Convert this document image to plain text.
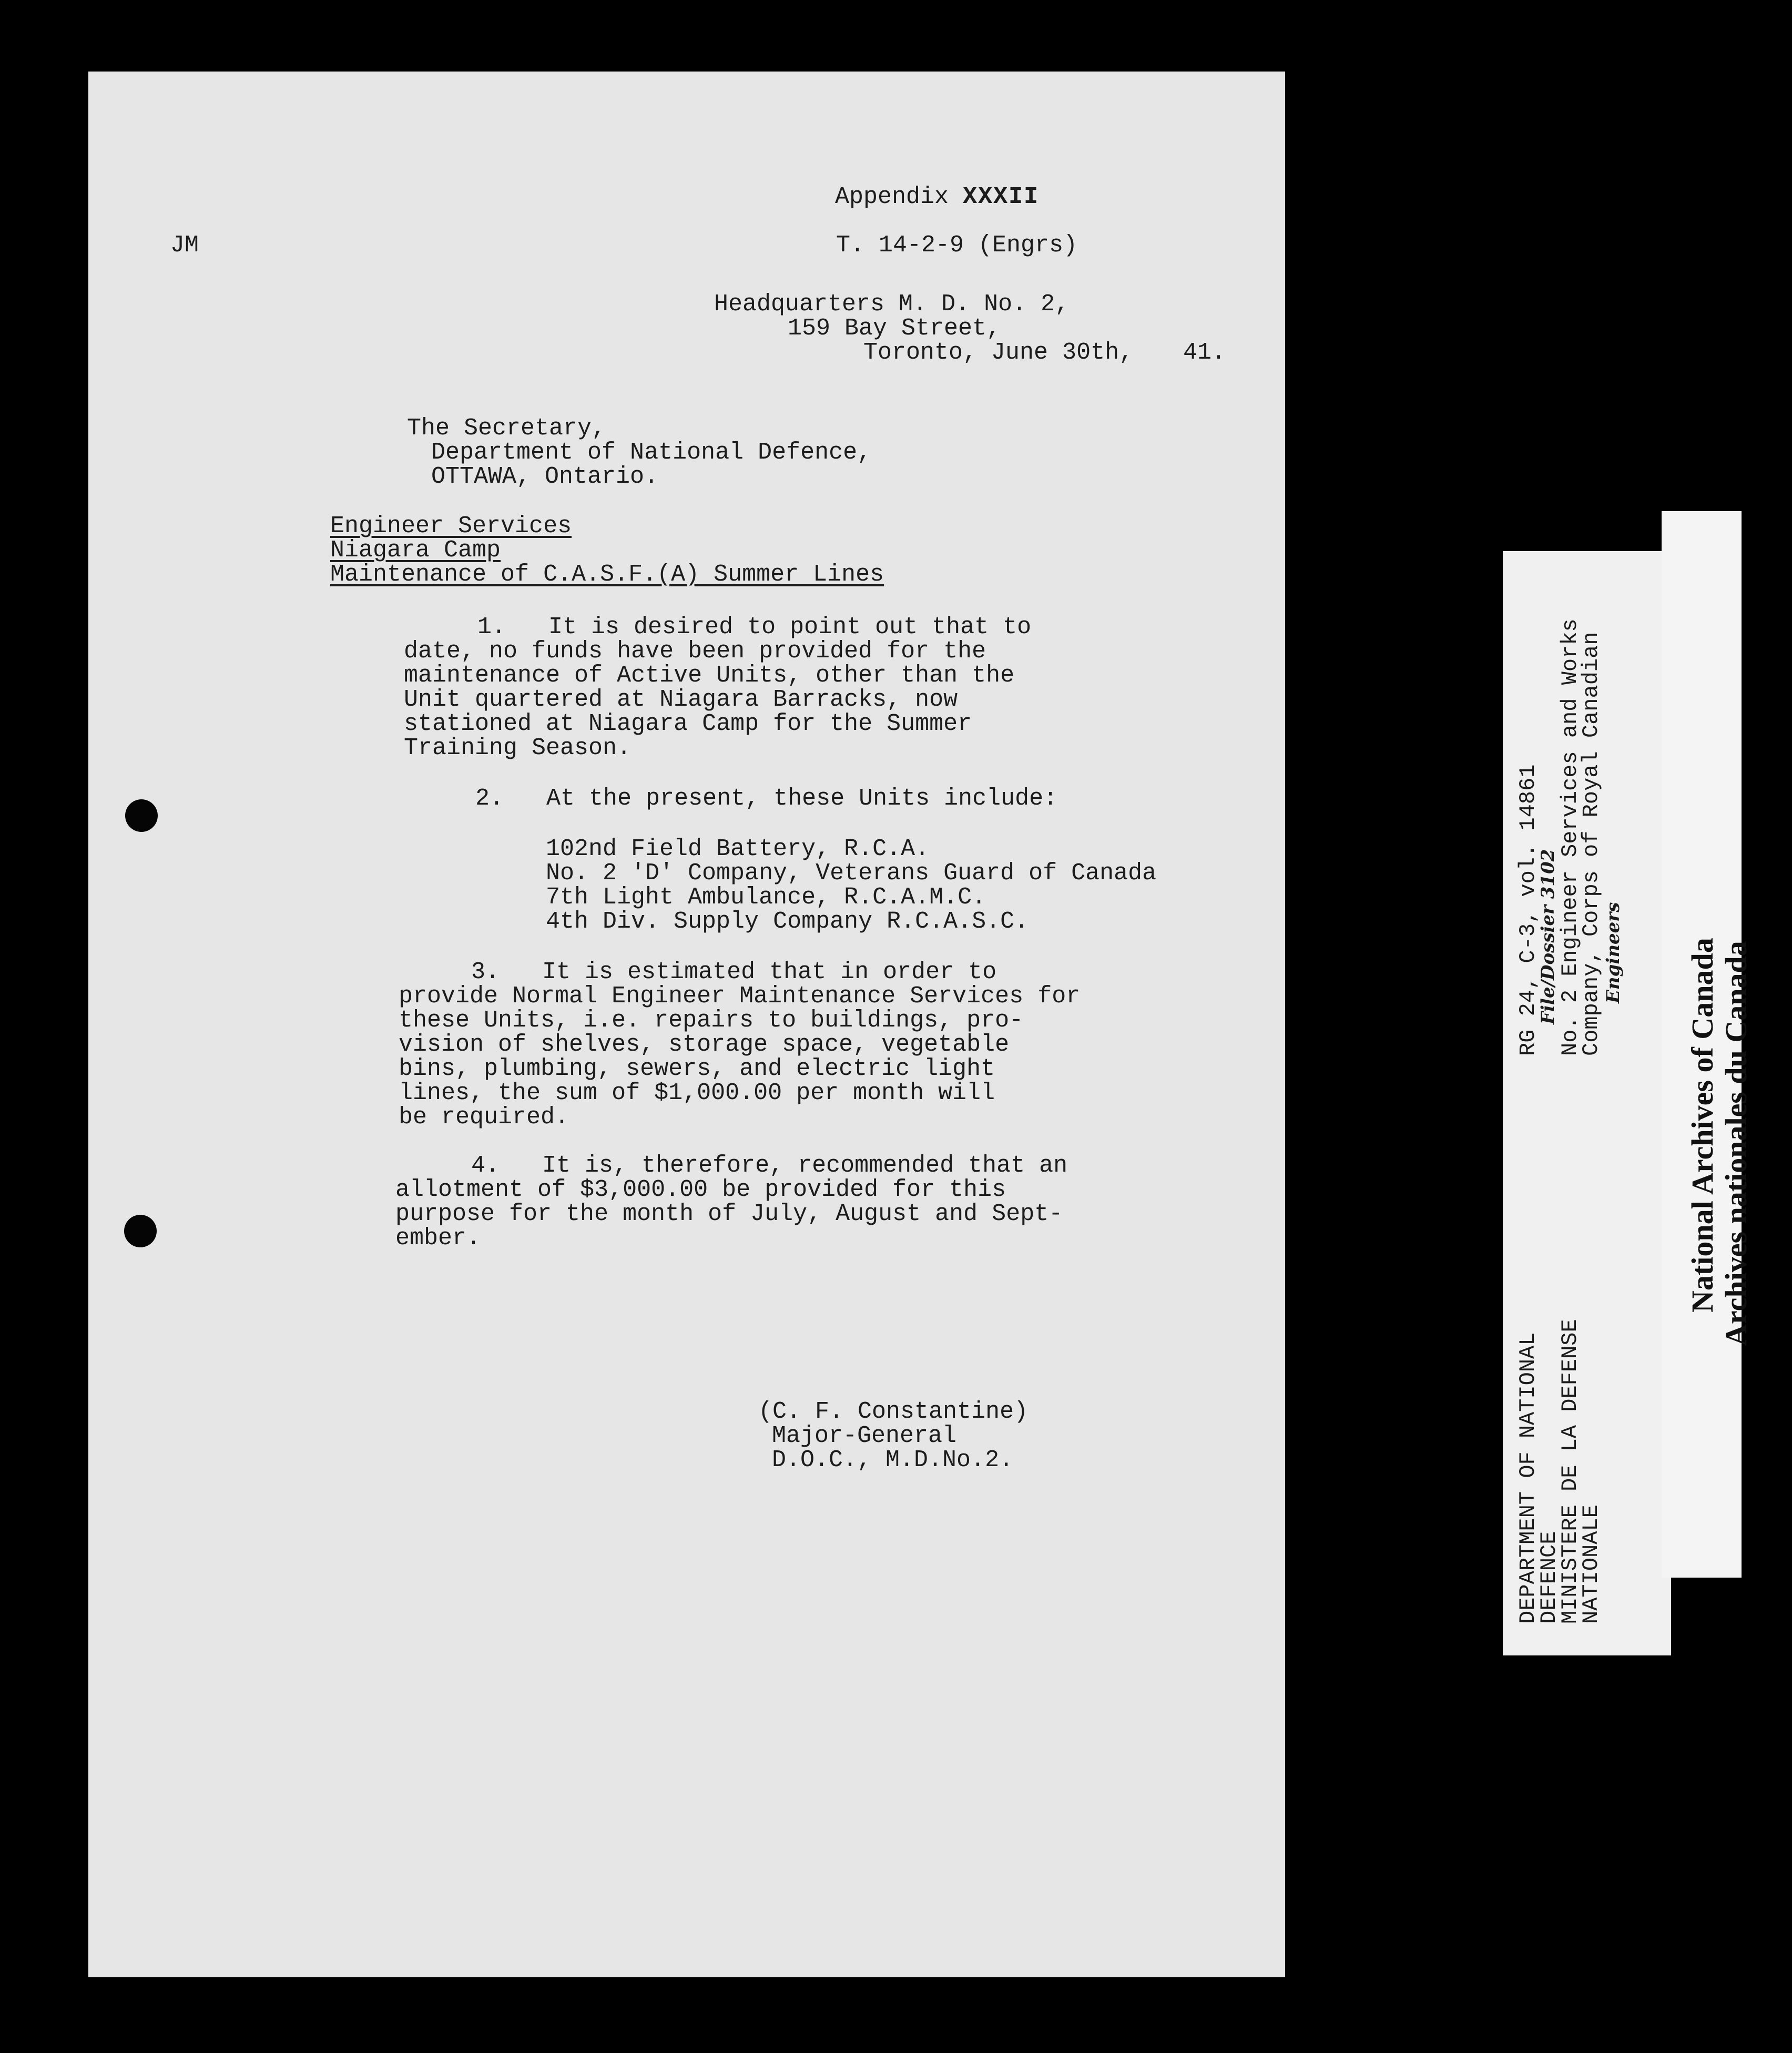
Appendix XXXII
JM	T. 14-2-9 (Engrs)
Headquarters M. D. No. 2,
159 Bay Street,
Toronto, June 30th, 41.
The Secretary,
Department of National Defence,
OTTAWA, Ontario.
Engineer Services
Niagara Camp
Maintenance of C.A.S.F.(A) Summer Lines
1.   It is desired to point out that to
date, no funds have been provided for the
maintenance of Active Units, other than the
Unit quartered at Niagara Barracks, now
stationed at Niagara Camp for the Summer
Training Season.
2.   At the present, these Units include:
102nd Field Battery, R.C.A.
No. 2 'D' Company, Veterans Guard of Canada
7th Light Ambulance, R.C.A.M.C.
4th Div. Supply Company R.C.A.S.C.
3.   It is estimated that in order to
provide Normal Engineer Maintenance Services for
these Units, i.e. repairs to buildings, pro-
vision of shelves, storage space, vegetable
bins, plumbing, sewers, and electric light
lines, the sum of $1,000.00 per month will
be required.
4.   It is, therefore, recommended that an
allotment of $3,000.00 be provided for this
purpose for the month of July, August and Sept-
ember.
(C. F. Constantine)
Major-General
D.O.C., M.D.No.2.	DEPARTMENT OF NATIONAL
DEFENCE
MINISTERE DE LA DEFENSE
NATIONALE
RG 24, C-3, vol. 14861
File/Dossier 3102
No. 2 Engineer Services and Works
Company, Corps of Royal Canadian
Engineers National Archives of Canada Archives nationales du Canada
